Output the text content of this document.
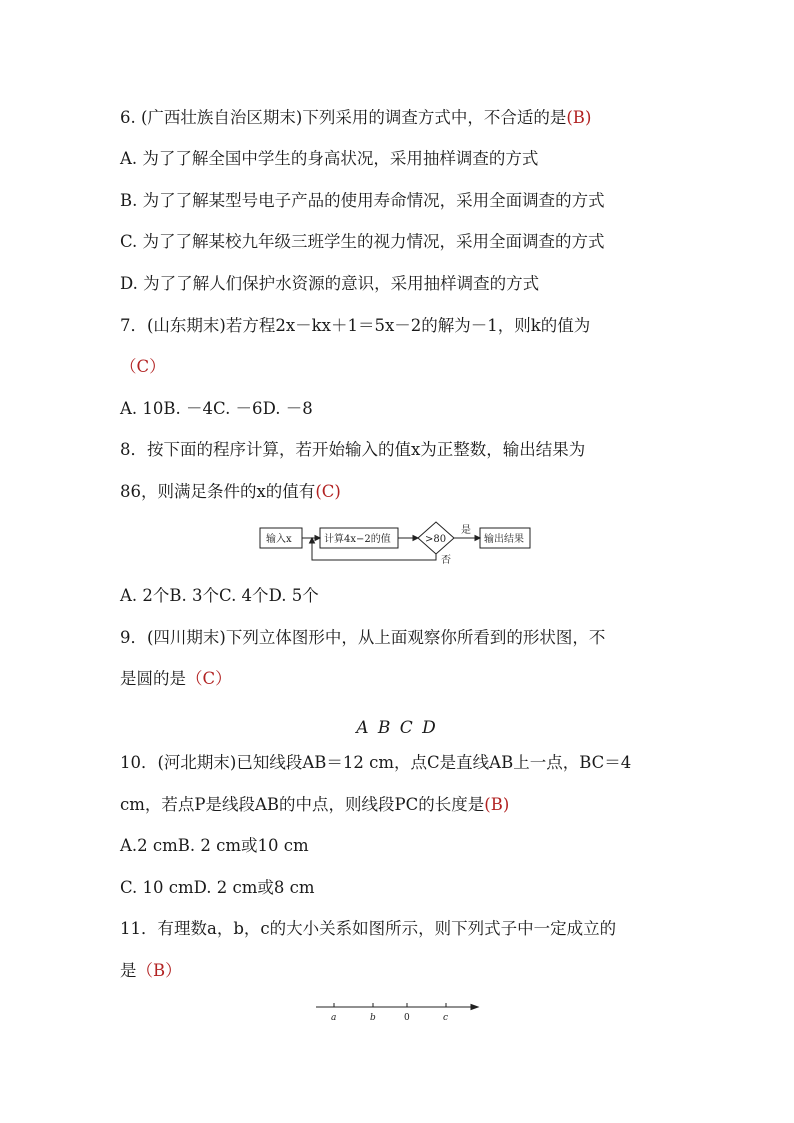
6. (广西壮族自治区期末)下列采用的调查方式中，不合适的是(B)
A. 为了了解全国中学生的身高状况，采用抽样调查的方式
B. 为了了解某型号电子产品的使用寿命情况，采用全面调查的方式
C. 为了了解某校九年级三班学生的视力情况，采用全面调查的方式
D. 为了了解人们保护水资源的意识，采用抽样调查的方式
7．(山东期末)若方程2x－kx＋1＝5x－2的解为－1，则k的值为
（C）
A. 10B. －4C. －6D. －8
8．按下面的程序计算，若开始输入的值x为正整数，输出结果为
86，则满足条件的x的值有(C)
输入x	计算4x−2的值	>80
是
输出结果
否
A. 2个B. 3个C. 4个D. 5个
9．(四川期末)下列立体图形中，从上面观察你所看到的形状图，不
是圆的是（C）
A B C D
10．(河北期末)已知线段AB＝12 cm，点C是直线AB上一点，BC＝4
cm，若点P是线段AB的中点，则线段PC的长度是(B)
A.2 cmB. 2 cm或10 cm
C. 10 cmD. 2 cm或8 cm
11．有理数a，b，c的大小关系如图所示，则下列式子中一定成立的
是（B）
a	b	0	c
